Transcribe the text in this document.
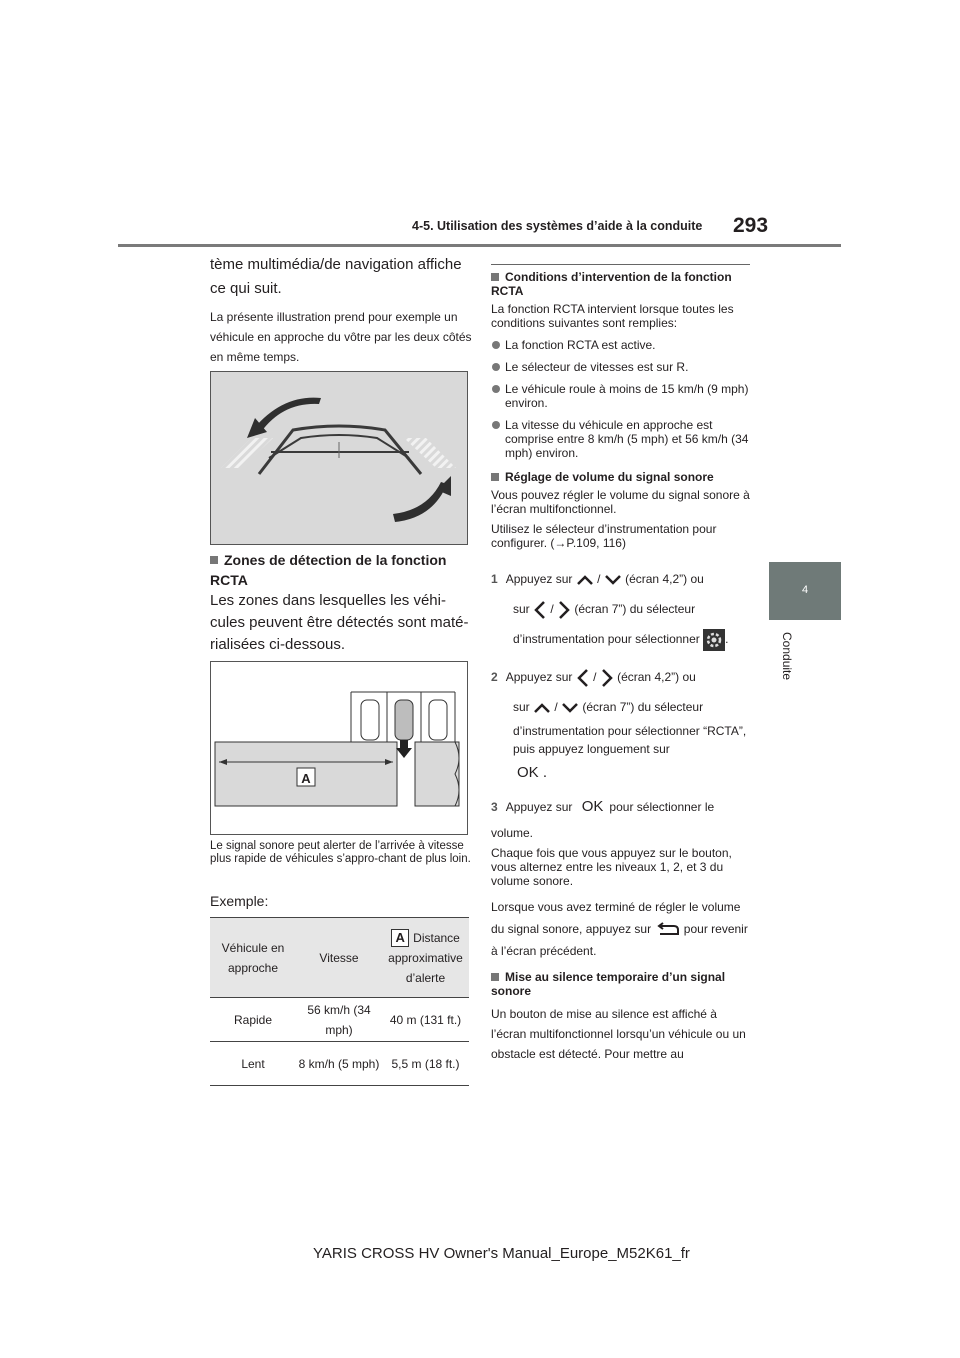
4-5. Utilisation des systèmes d’aide à la conduite 293
4
Conduite

tème multimédia/de navigation affiche ce qui suit.

La présente illustration prend pour exemple un véhicule en approche du vôtre par les deux côtés en même temps.

Zones de détection de la fonction RCTA
Les zones dans lesquelles les véhi-cules peuvent être détectés sont maté-rialisées ci-dessous.
A
Le signal sonore peut alerter de l’arrivée à vitesse plus rapide de véhicules s’appro-chant de plus loin.
Exemple:
Véhicule en approche	Vitesse	A Distance approximative d’alerte
Rapide	56 km/h (34 mph)	40 m (131 ft.)
Lent	8 km/h (5 mph)	5,5 m (18 ft.)

Conditions d’intervention de la fonction RCTA

La fonction RCTA intervient lorsque toutes les conditions suivantes sont remplies:

La fonction RCTA est active.

Le sélecteur de vitesses est sur R.

Le véhicule roule à moins de 15 km/h (9 mph) environ.

La vitesse du véhicule en approche est comprise entre 8 km/h (5 mph) et 56 km/h (34 mph) environ.

Réglage de volume du signal sonore

Vous pouvez régler le volume du signal sonore à l’écran multifonctionnel.

Utilisez le sélecteur d’instrumentation pour configurer. (→P.109, 116)

1 Appuyez sur  /  (écran 4,2”) ou
sur  /  (écran 7”) du sélecteur
d’instrumentation pour sélectionner .
2 Appuyez sur  /  (écran 4,2”) ou
sur  /  (écran 7”) du sélecteur
d’instrumentation pour sélectionner “RCTA”, puis appuyez longuement sur
OK .
3 Appuyez sur OK pour sélectionner le volume.

Chaque fois que vous appuyez sur le bouton, vous alternez entre les niveaux 1, 2, et 3 du volume sonore.

Lorsque vous avez terminé de régler le volume du signal sonore, appuyez sur	pour revenir à l’écran précédent.

Mise au silence temporaire d’un signal sonore

Un bouton de mise au silence est affiché à l’écran multifonctionnel lorsqu’un véhicule ou un obstacle est détecté. Pour mettre au

YARIS CROSS HV Owner's Manual_Europe_M52K61_fr
